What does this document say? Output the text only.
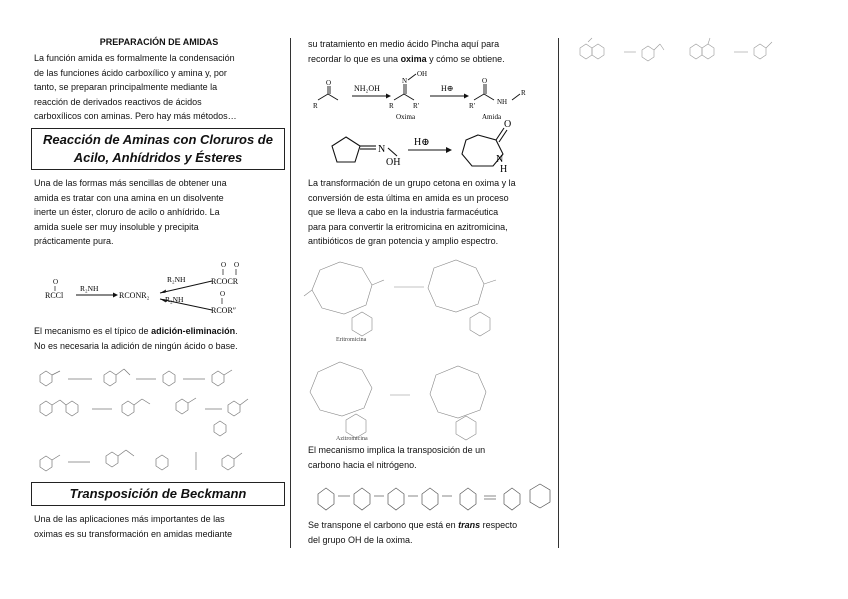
PREPARACIÓN DE AMIDAS
La función amida es formalmente la condensación
de las funciones ácido carboxílico y amina y, por
tanto, se preparan principalmente mediante la
reacción de derivados reactivos de ácidos
carboxílicos con aminas. Pero hay más métodos…
Reacción de Aminas con Cloruros de
Acilo, Anhídridos y Ésteres
Una de las formas más sencillas de obtener una
amida es tratar con una amina en un disolvente
inerte un éster, cloruro de acilo o anhídrido. La
amida suele ser muy insoluble y precipita
prácticamente pura.
O
RCCl
R₂NH
RCONR₂
R₂NH
R₂NH
O O
RCOCR
O
RCOR″
El mecanismo es el típico de adición-eliminación.
No es necesaria la adición de ningún ácido o base.
Transposición de Beckmann
Una de las aplicaciones más importantes de las
oximas es su transformación en amidas mediante
su tratamiento en medio ácido Pincha aquí para
recordar lo que es una oxima y cómo se obtiene.
O
R
NH₂OH
N
OH
R	R′
Oxima
H⊕
O
NH
R
R′
Amida
N
OH
H⊕
O
N
H
La transformación de un grupo cetona en oxima y la
conversión de esta última en amida es un proceso
que se lleva a cabo en la industria farmacéutica
para para convertir la eritromicina en azitromicina,
antibióticos de gran potencia y amplio espectro.
Eritromicina
Azitromicina
El mecanismo implica la transposición de un
carbono hacia el nitrógeno.
Se transpone el carbono que está en trans respecto
del grupo OH de la oxima.
